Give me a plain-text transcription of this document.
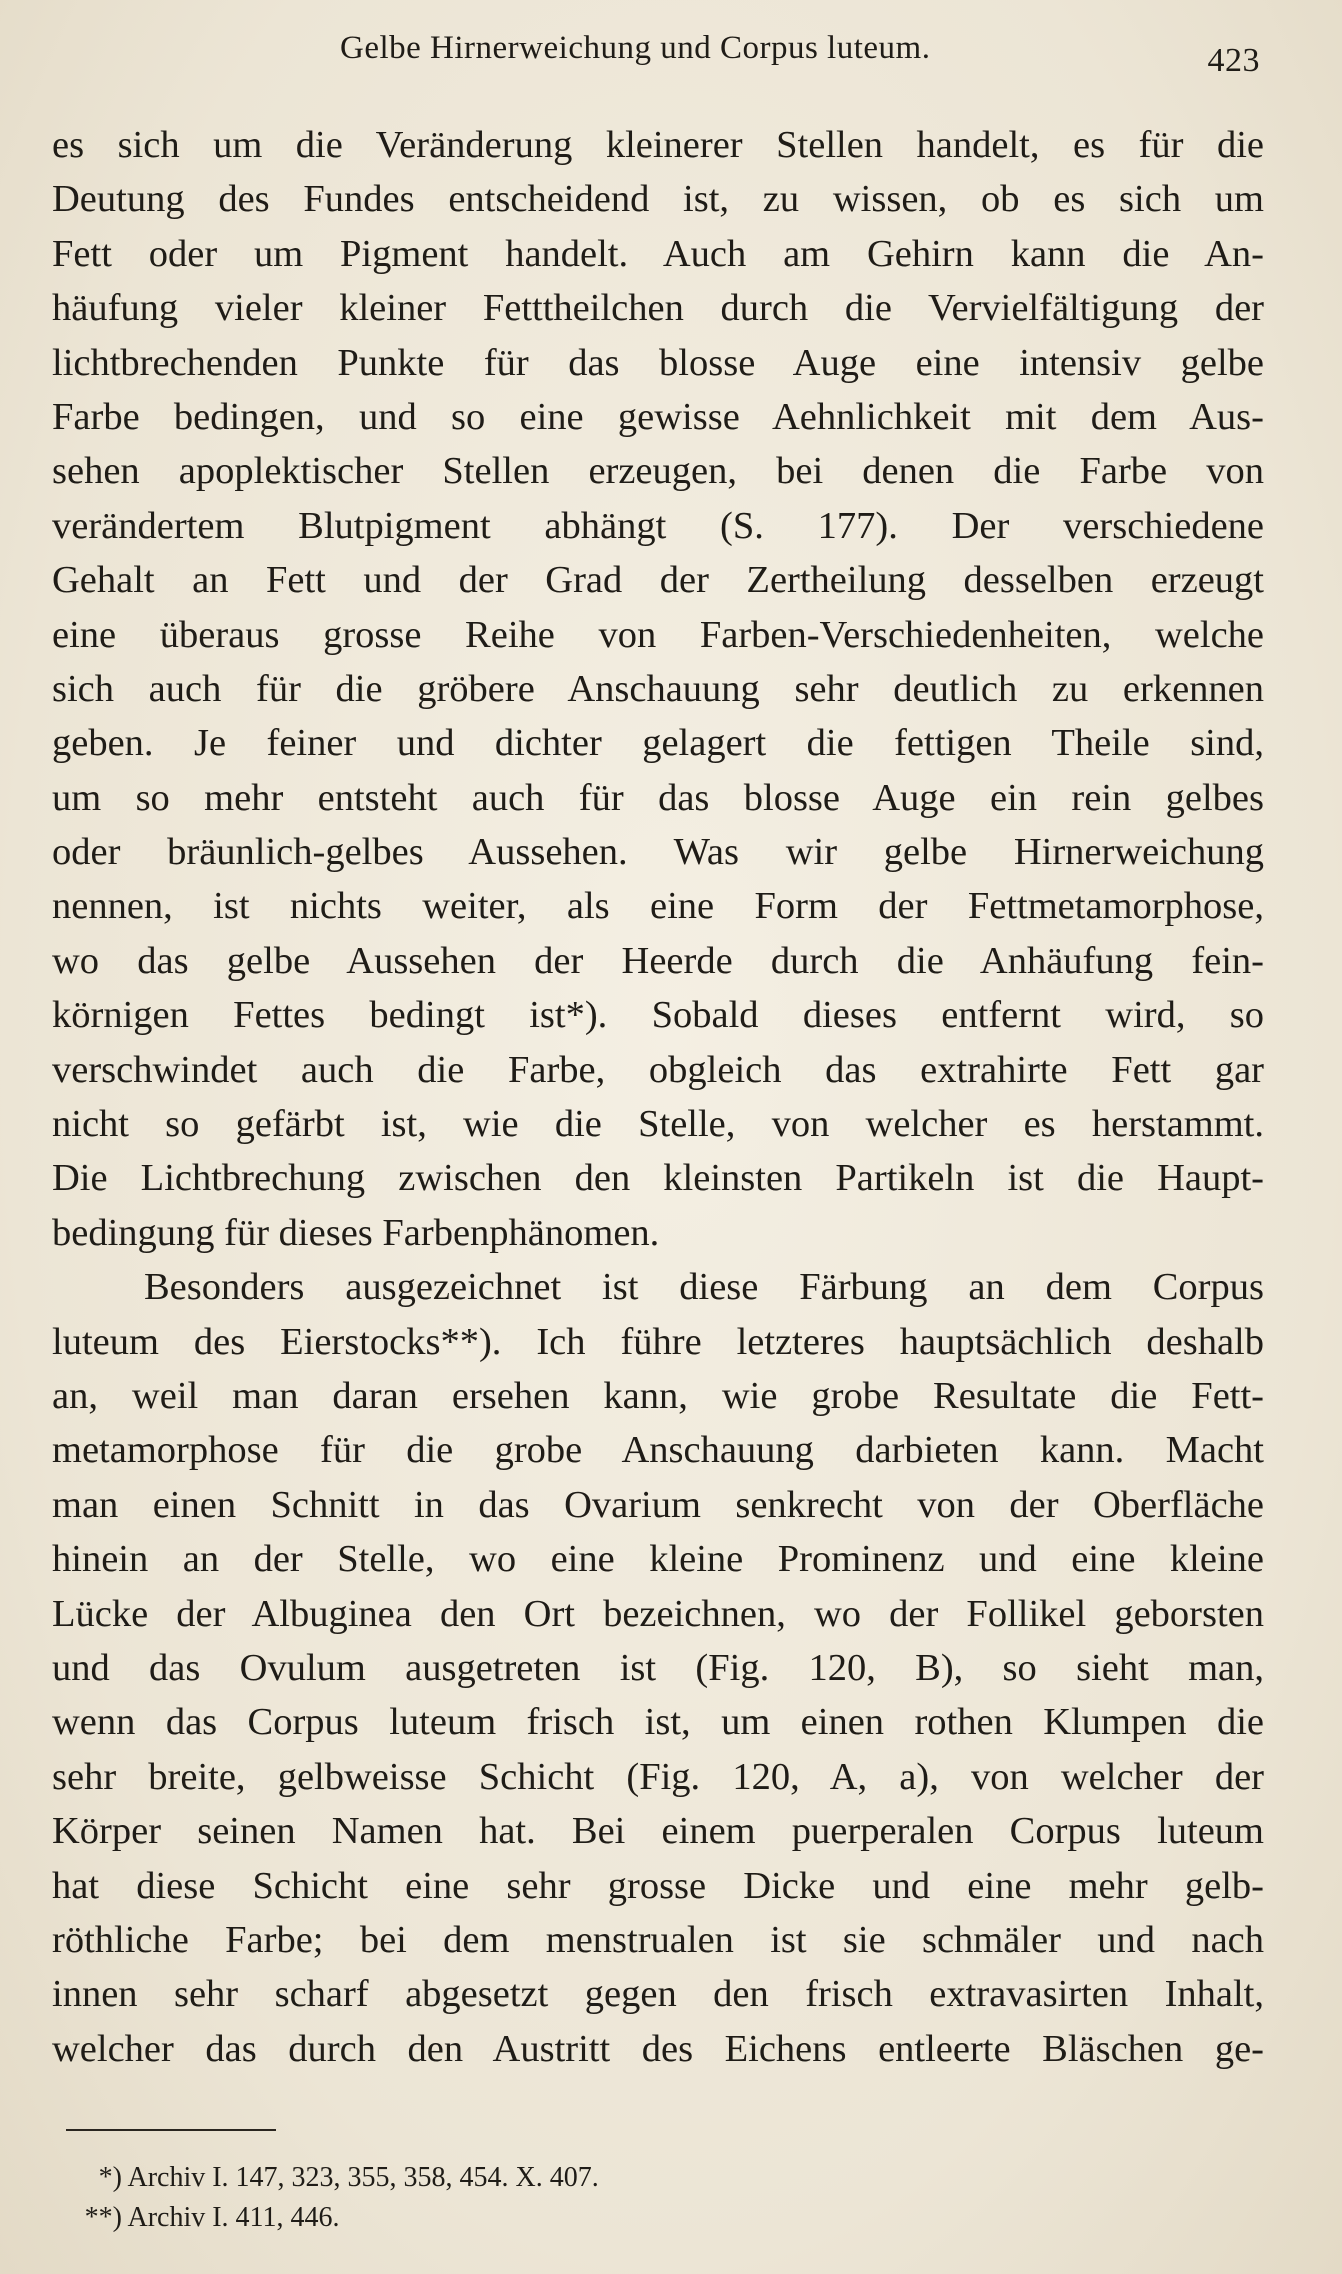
Gelbe Hirnerweichung und Corpus luteum.	423
es sich um die Veränderung kleinerer Stellen handelt, es für die
Deutung des Fundes entscheidend ist, zu wissen, ob es sich um
Fett oder um Pigment handelt. Auch am Gehirn kann die An-
häufung vieler kleiner Fetttheilchen durch die Vervielfältigung der
lichtbrechenden Punkte für das blosse Auge eine intensiv gelbe
Farbe bedingen, und so eine gewisse Aehnlichkeit mit dem Aus-
sehen apoplektischer Stellen erzeugen, bei denen die Farbe von
verändertem Blutpigment abhängt (S. 177). Der verschiedene
Gehalt an Fett und der Grad der Zertheilung desselben erzeugt
eine überaus grosse Reihe von Farben-Verschiedenheiten, welche
sich auch für die gröbere Anschauung sehr deutlich zu erkennen
geben. Je feiner und dichter gelagert die fettigen Theile sind,
um so mehr entsteht auch für das blosse Auge ein rein gelbes
oder bräunlich-gelbes Aussehen. Was wir gelbe Hirnerweichung
nennen, ist nichts weiter, als eine Form der Fettmetamorphose,
wo das gelbe Aussehen der Heerde durch die Anhäufung fein-
körnigen Fettes bedingt ist*). Sobald dieses entfernt wird, so
verschwindet auch die Farbe, obgleich das extrahirte Fett gar
nicht so gefärbt ist, wie die Stelle, von welcher es herstammt.
Die Lichtbrechung zwischen den kleinsten Partikeln ist die Haupt-
bedingung für dieses Farbenphänomen.
Besonders ausgezeichnet ist diese Färbung an dem Corpus
luteum des Eierstocks**). Ich führe letzteres hauptsächlich deshalb
an, weil man daran ersehen kann, wie grobe Resultate die Fett-
metamorphose für die grobe Anschauung darbieten kann. Macht
man einen Schnitt in das Ovarium senkrecht von der Oberfläche
hinein an der Stelle, wo eine kleine Prominenz und eine kleine
Lücke der Albuginea den Ort bezeichnen, wo der Follikel geborsten
und das Ovulum ausgetreten ist (Fig. 120, B), so sieht man,
wenn das Corpus luteum frisch ist, um einen rothen Klumpen die
sehr breite, gelbweisse Schicht (Fig. 120, A, a), von welcher der
Körper seinen Namen hat. Bei einem puerperalen Corpus luteum
hat diese Schicht eine sehr grosse Dicke und eine mehr gelb-
röthliche Farbe; bei dem menstrualen ist sie schmäler und nach
innen sehr scharf abgesetzt gegen den frisch extravasirten Inhalt,
welcher das durch den Austritt des Eichens entleerte Bläschen ge-
*) Archiv I. 147, 323, 355, 358, 454. X. 407.
**) Archiv I. 411, 446.
